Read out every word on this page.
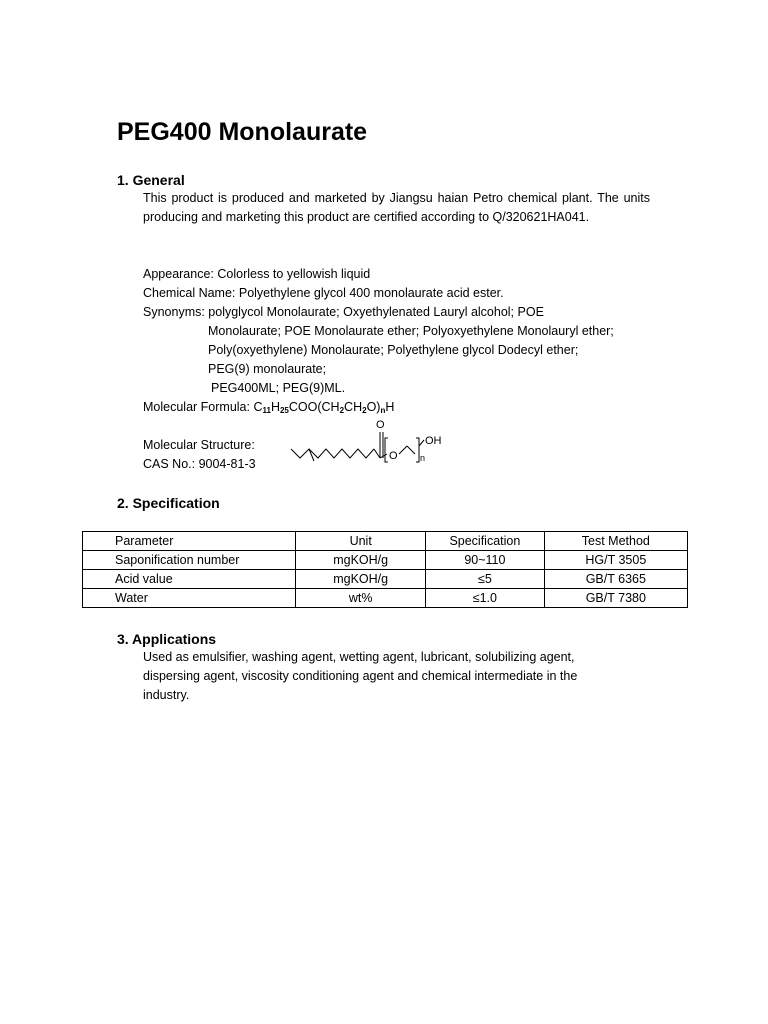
PEG400 Monolaurate
1. General

This product is produced and marketed by Jiangsu haian Petro chemical plant. The units producing and marketing this product are certified according to Q/320621HA041.

Appearance: Colorless to yellowish liquid

Chemical Name: Polyethylene glycol 400 monolaurate acid ester.

Synonyms: polyglycol Monolaurate; Oxyethylenated Lauryl alcohol; POE

Monolaurate; POE Monolaurate ether; Polyoxyethylene Monolauryl ether;

Poly(oxyethylene) Monolaurate; Polyethylene glycol Dodecyl ether;

PEG(9) monolaurate;

PEG400ML; PEG(9)ML.

Molecular Formula: $C_{11}H_{25}COO(CH_2CH_2O)_nH$

Molecular Structure:

CAS No.: 9004-81-3

O
O
OH
n
2. Specification
Parameter	Unit	Specification	Test Method
Saponification number	mgKOH/g	90~110	HG/T 3505
Acid value	mgKOH/g	≤5	GB/T 6365
Water	wt%	≤1.0	GB/T 7380
3. Applications

Used as emulsifier, washing agent, wetting agent, lubricant, solubilizing agent, dispersing agent, viscosity conditioning agent and chemical intermediate in the industry.
